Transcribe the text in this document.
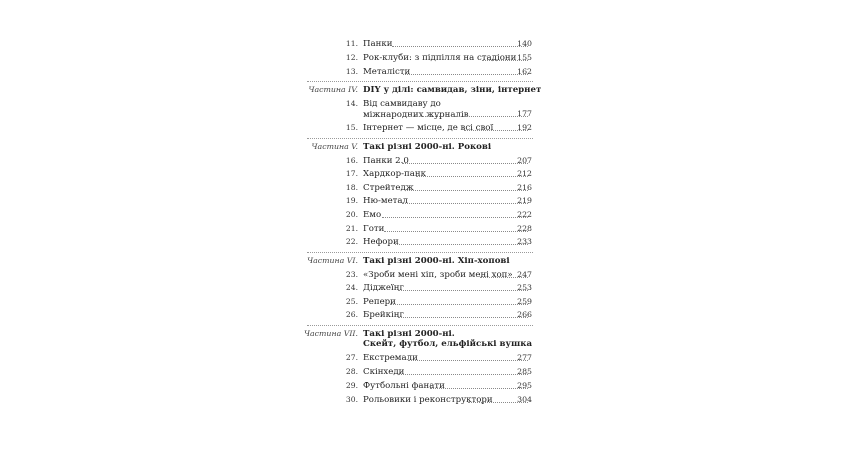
11. Панки	140
12. Рок-клуби: з підпілля на стадіони 155
13. Металісти	162
Частина IV. DIY у ділі: самвидав, зіни, інтернет
14. Від самвидаву до міжнародних журналів	177
15. Інтернет — місце, де всі свої	192
Частина V. Такі різні 2000-ні. Рокові
16. Панки 2.0	207
17. Хардкор-панк	212
18. Стрейтедж	216
19. Ню-метал	219
20. Емо	222
21. Готи	228
22. Нефори	233
Частина VI. Такі різні 2000-ні. Хіп-хопові
23. «Зроби мені хіп, зроби мені хоп» 247
24. Діджеїнг	253
25. Репери	259
26. Брейкінг	266
Частина VII. Такі різні 2000-ні.
Скейт, футбол, ельфійські вушка
27. Екстремали	277
28. Скінхеди	285
29. Футбольні фанати	295
30. Рольовики і реконструктори	304
